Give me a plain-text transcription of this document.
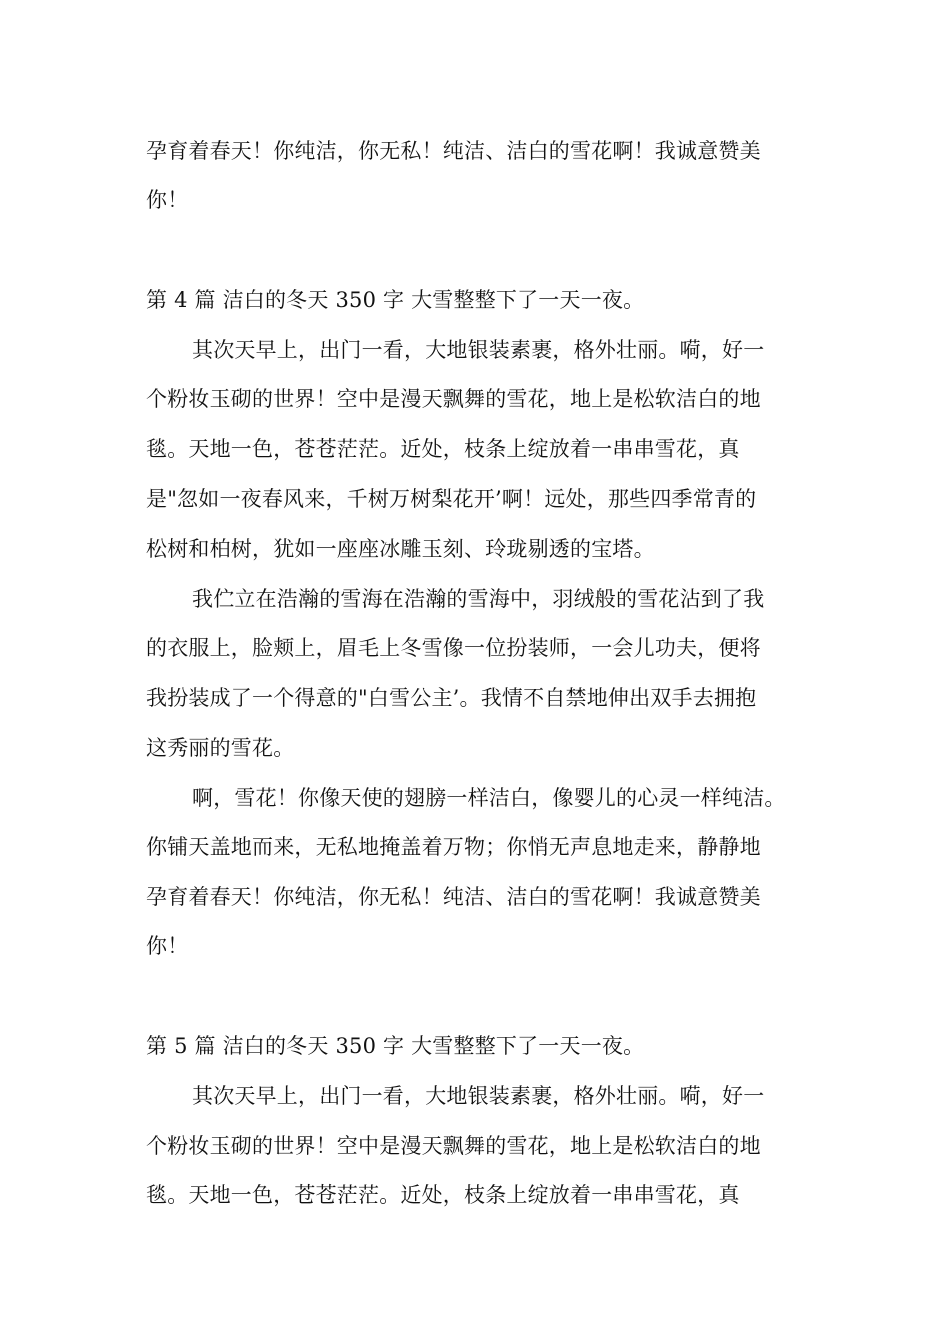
孕育着春天！你纯洁，你无私！纯洁、洁白的雪花啊！我诚意赞美
你！
第 4 篇 洁白的冬天 350 字 大雪整整下了一天一夜。
其次天早上，出门一看，大地银装素裹，格外壮丽。嗬，好一
个粉妆玉砌的世界！空中是漫天飘舞的雪花，地上是松软洁白的地
毯。天地一色，苍苍茫茫。近处，枝条上绽放着一串串雪花，真
是"忽如一夜春风来，千树万树梨花开’啊！远处，那些四季常青的
松树和柏树，犹如一座座冰雕玉刻、玲珑剔透的宝塔。
我伫立在浩瀚的雪海在浩瀚的雪海中，羽绒般的雪花沾到了我
的衣服上，脸颊上，眉毛上冬雪像一位扮装师，一会儿功夫，便将
我扮装成了一个得意的"白雪公主’。我情不自禁地伸出双手去拥抱
这秀丽的雪花。
啊，雪花！你像天使的翅膀一样洁白，像婴儿的心灵一样纯洁。
你铺天盖地而来，无私地掩盖着万物；你悄无声息地走来，静静地
孕育着春天！你纯洁，你无私！纯洁、洁白的雪花啊！我诚意赞美
你！
第 5 篇 洁白的冬天 350 字 大雪整整下了一天一夜。
其次天早上，出门一看，大地银装素裹，格外壮丽。嗬，好一
个粉妆玉砌的世界！空中是漫天飘舞的雪花，地上是松软洁白的地
毯。天地一色，苍苍茫茫。近处，枝条上绽放着一串串雪花，真
